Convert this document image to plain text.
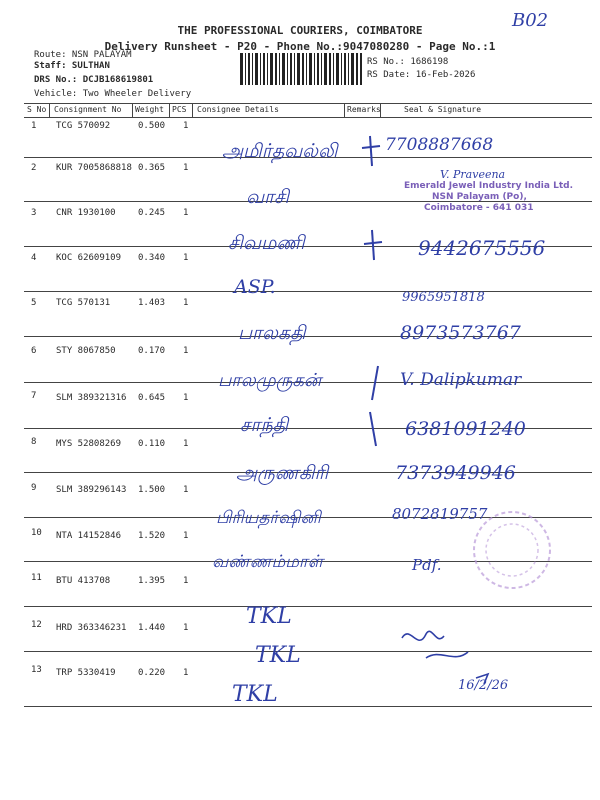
B02
THE PROFESSIONAL COURIERS, COIMBATORE
Delivery Runsheet - P20 - Phone No.:9047080280 - Page No.:1
Route: NSN PALAYAM
Staff: SULTHAN
DRS No.: DCJB168619801
Vehicle: Two Wheeler Delivery
RS No.: 1686198
RS Date: 16-Feb-2026
S No Consignment No Weight PCS Consignee Details	Remarks	Seal & Signature
1 TCG 570092	0.500 1
அமிர்தவல்லி	7708887668
2 KUR 7005868818 0.365 1
வாசி
V. Praveena
3 CNR 1930100 0.245 1
சிவமணி	9442675556
4 KOC 62609109 0.340 1
ASP.	9965951818
5 TCG 570131	1.403 1
பாலகதி	8973573767
6 STY 8067850 0.170 1
பாலமுருகன்	V. Dalipkumar
7 SLM 389321316 0.645 1
சாந்தி	6381091240
8 MYS 52808269 0.110 1
அருணகிரி	7373949946
9 SLM 389296143 1.500 1
பிரியதர்ஷினி	8072819757
10 NTA 14152846 1.520 1
வண்ணம்மாள்	Pdf.
11 BTU 413708	1.395 1
TKL
12 HRD 363346231 1.440 1
TKL
13 TRP 5330419 0.220 1
TKL	16/2/26
Emerald Jewel Industry India Ltd.
NSN Palayam (Po),
Coimbatore - 641 031
